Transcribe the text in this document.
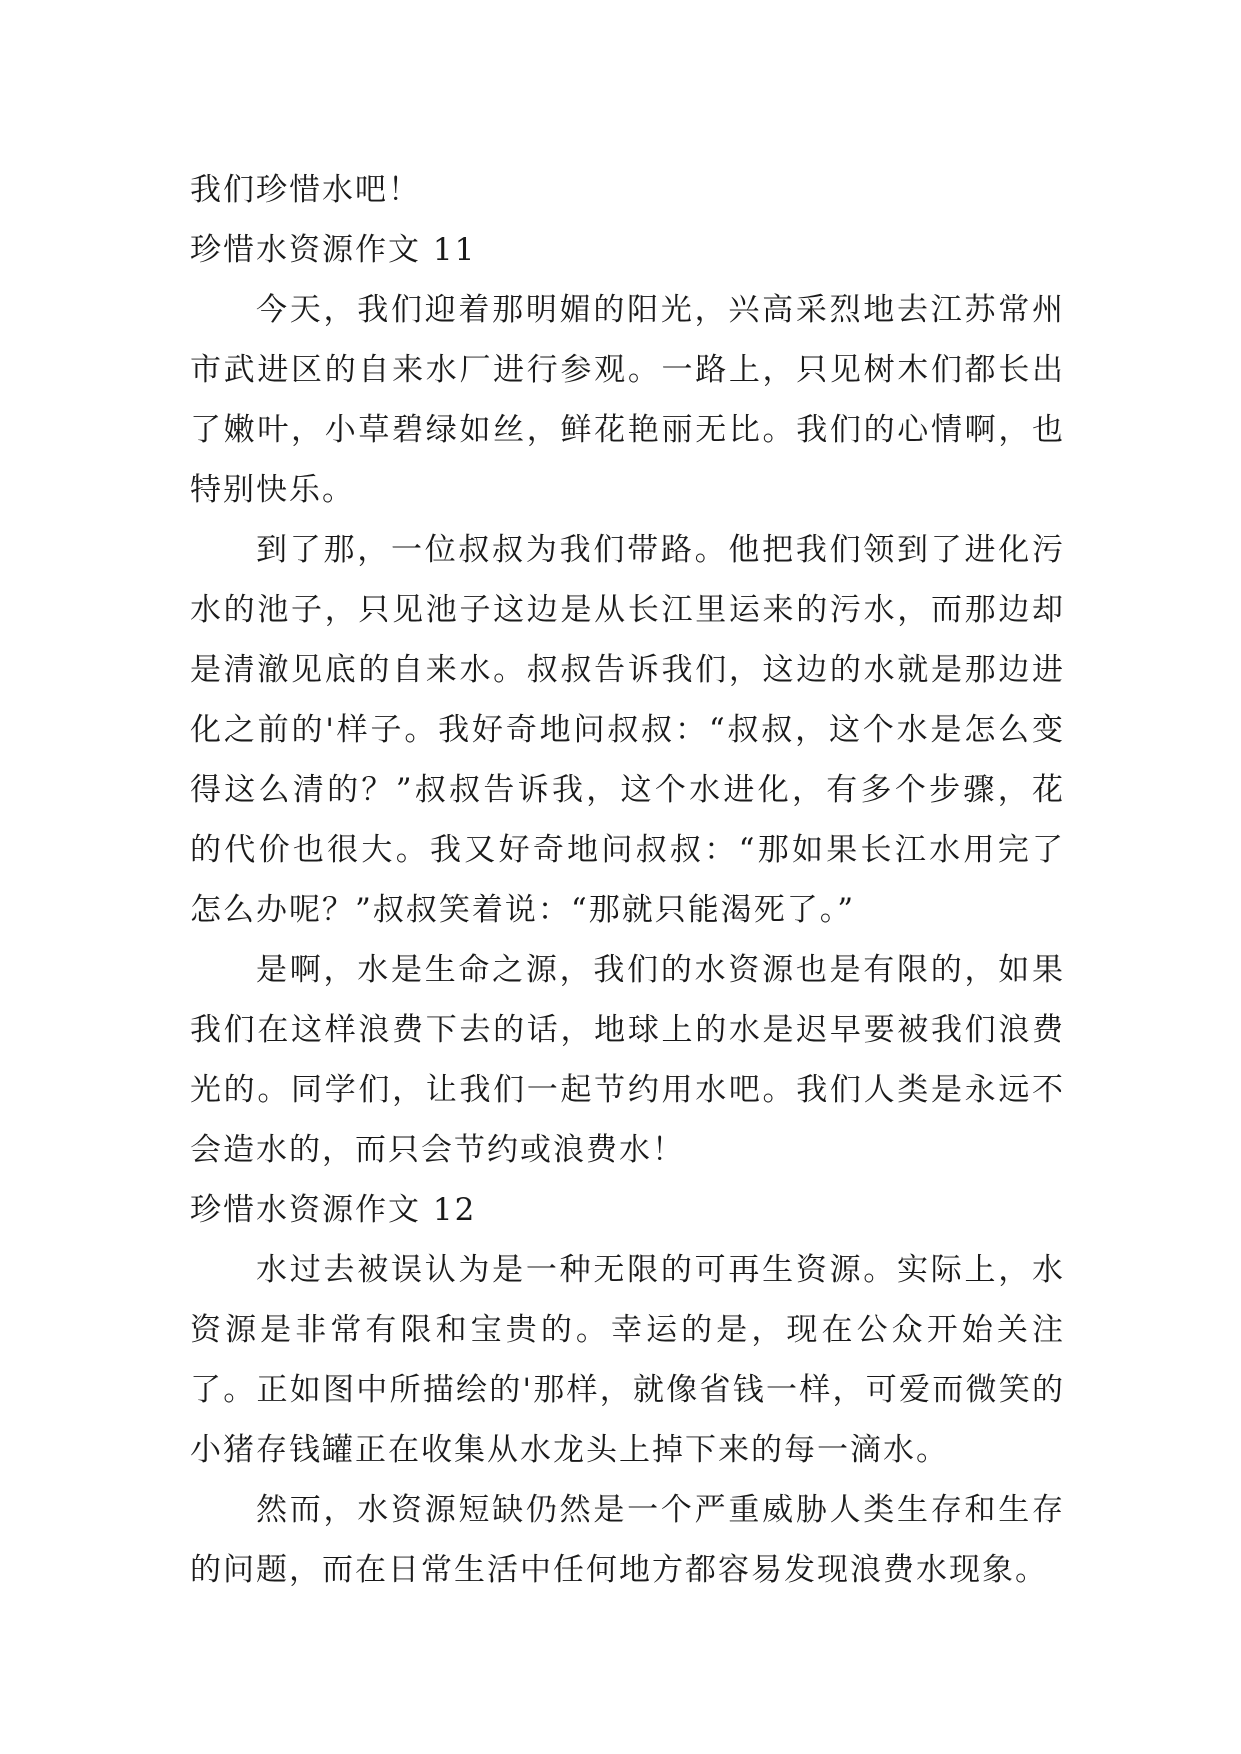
我们珍惜水吧！
珍惜水资源作文 11
今天，我们迎着那明媚的阳光，兴高采烈地去江苏常州市武进区的自来水厂进行参观。一路上，只见树木们都长出了嫩叶，小草碧绿如丝，鲜花艳丽无比。我们的心情啊，也特别快乐。
到了那，一位叔叔为我们带路。他把我们领到了进化污水的池子，只见池子这边是从长江里运来的污水，而那边却是清澈见底的自来水。叔叔告诉我们，这边的水就是那边进化之前的'样子。我好奇地问叔叔：“叔叔，这个水是怎么变得这么清的？”叔叔告诉我，这个水进化，有多个步骤，花的代价也很大。我又好奇地问叔叔：“那如果长江水用完了怎么办呢？”叔叔笑着说：“那就只能渴死了。”
是啊，水是生命之源，我们的水资源也是有限的，如果我们在这样浪费下去的话，地球上的水是迟早要被我们浪费光的。同学们，让我们一起节约用水吧。我们人类是永远不会造水的，而只会节约或浪费水！
珍惜水资源作文 12
水过去被误认为是一种无限的可再生资源。实际上，水资源是非常有限和宝贵的。幸运的是，现在公众开始关注了。正如图中所描绘的'那样，就像省钱一样，可爱而微笑的小猪存钱罐正在收集从水龙头上掉下来的每一滴水。
然而，水资源短缺仍然是一个严重威胁人类生存和生存的问题，而在日常生活中任何地方都容易发现浪费水现象。
